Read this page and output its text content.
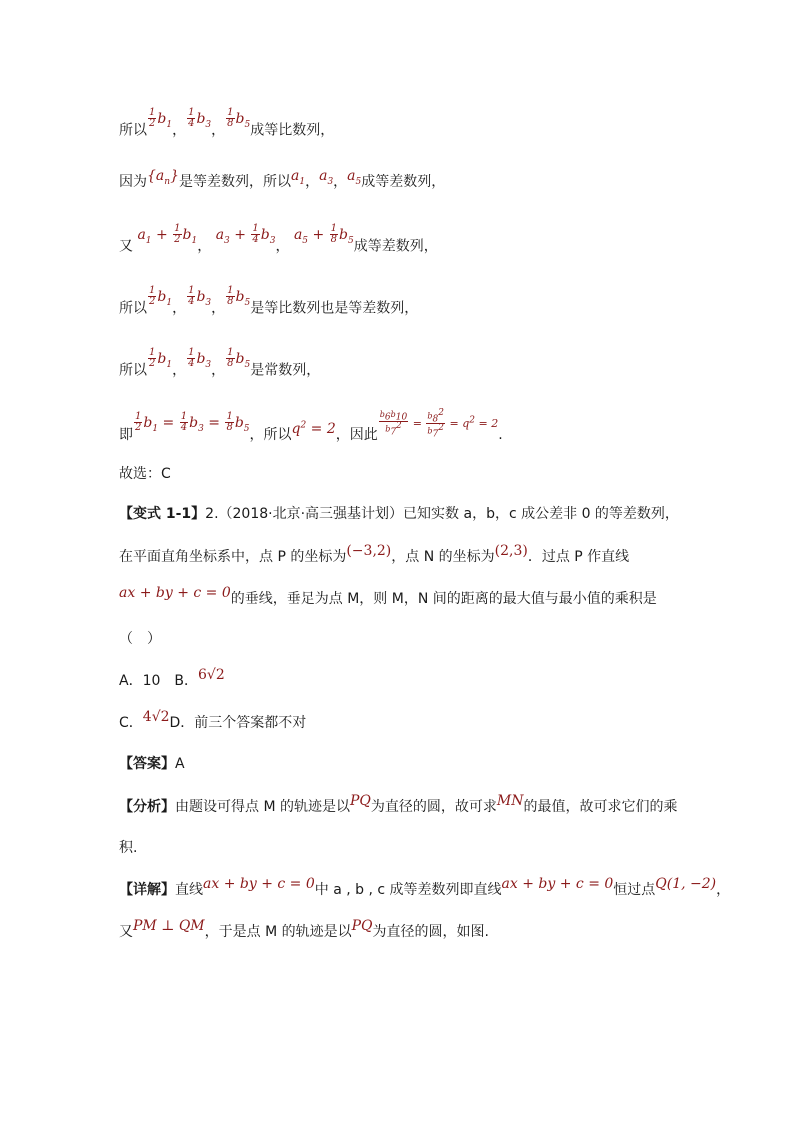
所以
$\frac{1}{2} b_1$，
$\frac{1}{4} b_3$，
$\frac{1}{8} b_5$成等比数列，
因为$\{a_n\}$是等差数列，所以$a_1$，$a_3$，$a_5$成等差数列，
又 $a_1 + \frac{1}{2} b_1$， $a_3 + \frac{1}{4} b_3$， $a_5 + \frac{1}{8} b_5$成等差数列，
所以
$\frac{1}{2} b_1$，
$\frac{1}{4} b_3$，
$\frac{1}{8} b_5$是等比数列也是等差数列，
所以
$\frac{1}{2} b_1$，
$\frac{1}{4} b_3$，
$\frac{1}{8} b_5$是常数列，
即
$\frac{1}{2} b_1 = \frac{1}{4} b_3 = \frac{1}{8} b_5$，所以$q^2 = 2$，因此 $^{\frac{b_6b_{10}}{b_7^2} = \frac{b_8^2}{b_7^2} = q^2 = 2}$.
故选：C
【变式 1-1】2.（2018·北京·高三强基计划）已知实数 a，b，c 成公差非 0 的等差数列，
在平面直角坐标系中，点 P 的坐标为(−3,2)，点 N 的坐标为(2,3)．过点 P 作直线
ax + by + c = 0的垂线，垂足为点 M，则 M，N 间的距离的最大值与最小值的乘积是
（　）
A．10　B．6√2
C．4√2D．前三个答案都不对
【答案】A
【分析】由题设可得点 M 的轨迹是以PQ为直径的圆，故可求MN的最值，故可求它们的乘
积.
【详解】直线ax + by + c = 0中 a , b , c 成等差数列即直线ax + by + c = 0恒过点Q(1, −2)，
又PM ⊥ QM，于是点 M 的轨迹是以PQ为直径的圆，如图.
